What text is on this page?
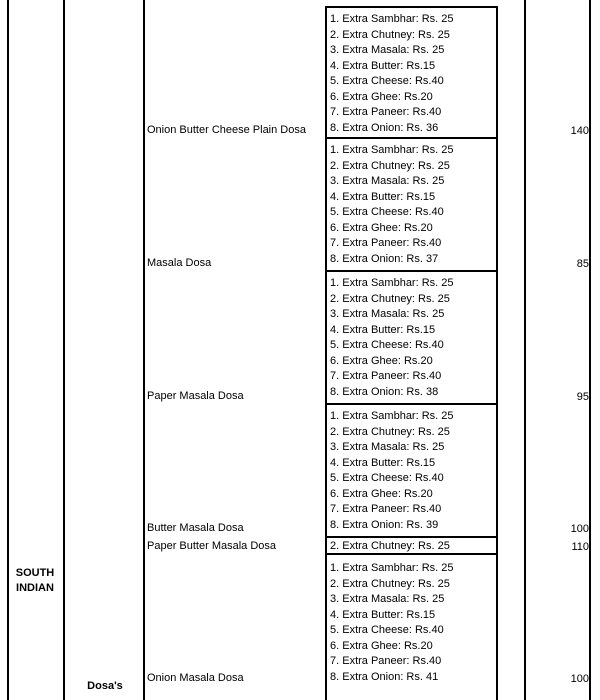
SOUTH
INDIAN
Dosa's
Onion Butter Cheese Plain Dosa
1. Extra Sambhar: Rs. 25
2. Extra Chutney: Rs. 25
3. Extra Masala: Rs. 25
4. Extra Butter: Rs.15
5. Extra Cheese: Rs.40
6. Extra Ghee: Rs.20
7. Extra Paneer: Rs.40
8. Extra Onion: Rs. 36	140
Masala Dosa
1. Extra Sambhar: Rs. 25
2. Extra Chutney: Rs. 25
3. Extra Masala: Rs. 25
4. Extra Butter: Rs.15
5. Extra Cheese: Rs.40
6. Extra Ghee: Rs.20
7. Extra Paneer: Rs.40
8. Extra Onion: Rs. 37	85
Paper Masala Dosa
1. Extra Sambhar: Rs. 25
2. Extra Chutney: Rs. 25
3. Extra Masala: Rs. 25
4. Extra Butter: Rs.15
5. Extra Cheese: Rs.40
6. Extra Ghee: Rs.20
7. Extra Paneer: Rs.40
8. Extra Onion: Rs. 38	95
Butter Masala Dosa
1. Extra Sambhar: Rs. 25
2. Extra Chutney: Rs. 25
3. Extra Masala: Rs. 25
4. Extra Butter: Rs.15
5. Extra Cheese: Rs.40
6. Extra Ghee: Rs.20
7. Extra Paneer: Rs.40
8. Extra Onion: Rs. 39	100
Paper Butter Masala Dosa	2. Extra Chutney: Rs. 25	110
Onion Masala Dosa
1. Extra Sambhar: Rs. 25
2. Extra Chutney: Rs. 25
3. Extra Masala: Rs. 25
4. Extra Butter: Rs.15
5. Extra Cheese: Rs.40
6. Extra Ghee: Rs.20
7. Extra Paneer: Rs.40
8. Extra Onion: Rs. 41	100
